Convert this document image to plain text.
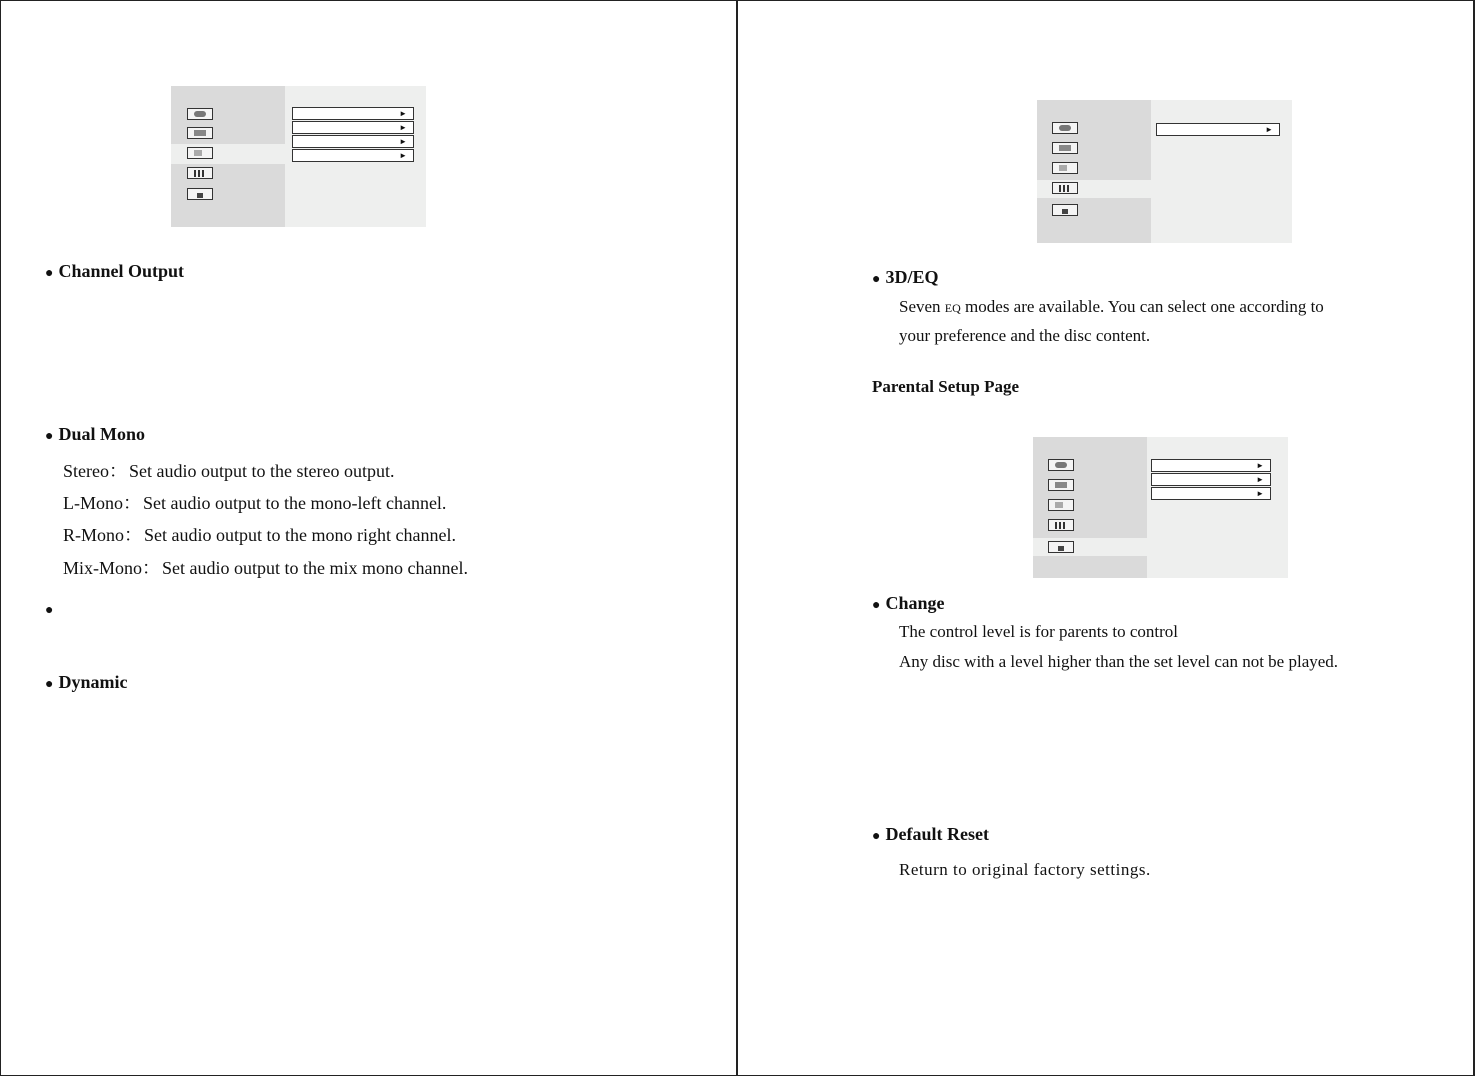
►
►
►
►
● Channel Output
● Dual Mono
Stereo： Set audio output to the stereo output.
L-Mono： Set audio output to the mono-left channel.
R-Mono： Set audio output to the mono right channel.
Mix-Mono： Set audio output to the mix mono channel.
●
● Dynamic
►
● 3D/EQ
Seven EQ modes are available. You can select one according to
your preference and the disc content.
Parental Setup Page
►
►
►
● Change
The control level is for parents to control
Any disc with a level higher than the set level can not be played.
● Default Reset
Return to original factory settings.
